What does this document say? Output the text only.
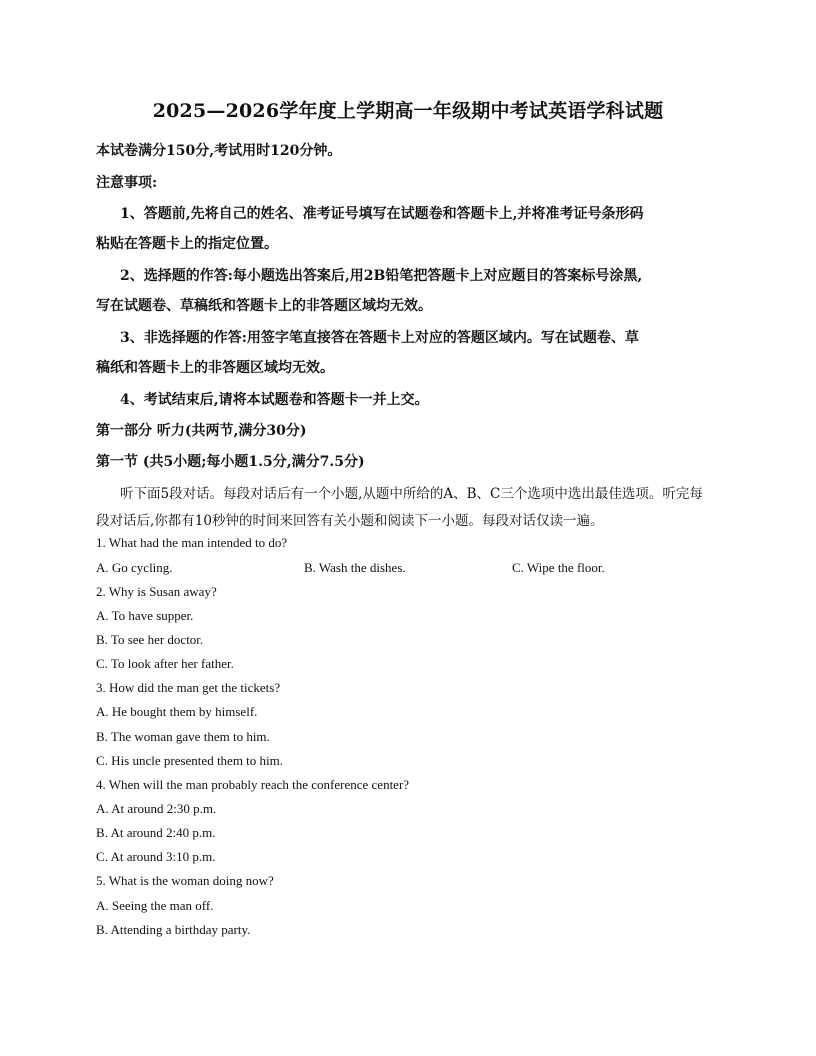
2025—2026学年度上学期高一年级期中考试英语学科试题
本试卷满分150分,考试用时120分钟。
注意事项:
1、答题前,先将自己的姓名、准考证号填写在试题卷和答题卡上,并将准考证号条形码
粘贴在答题卡上的指定位置。
2、选择题的作答:每小题选出答案后,用2B铅笔把答题卡上对应题目的答案标号涂黑,
写在试题卷、草稿纸和答题卡上的非答题区域均无效。
3、非选择题的作答:用签字笔直接答在答题卡上对应的答题区域内。写在试题卷、草
稿纸和答题卡上的非答题区域均无效。
4、考试结束后,请将本试题卷和答题卡一并上交。
第一部分 听力(共两节,满分30分)
第一节 (共5小题;每小题1.5分,满分7.5分)
听下面5段对话。每段对话后有一个小题,从题中所给的A、B、C三个选项中选出最佳选项。听完每
段对话后,你都有10秒钟的时间来回答有关小题和阅读下一小题。每段对话仅读一遍。
1. What had the man intended to do?
A. Go cycling.	B. Wash the dishes.	C. Wipe the floor.
2. Why is Susan away?
A. To have supper.
B. To see her doctor.
C. To look after her father.
3. How did the man get the tickets?
A. He bought them by himself.
B. The woman gave them to him.
C. His uncle presented them to him.
4. When will the man probably reach the conference center?
A. At around 2:30 p.m.
B. At around 2:40 p.m.
C. At around 3:10 p.m.
5. What is the woman doing now?
A. Seeing the man off.
B. Attending a birthday party.
